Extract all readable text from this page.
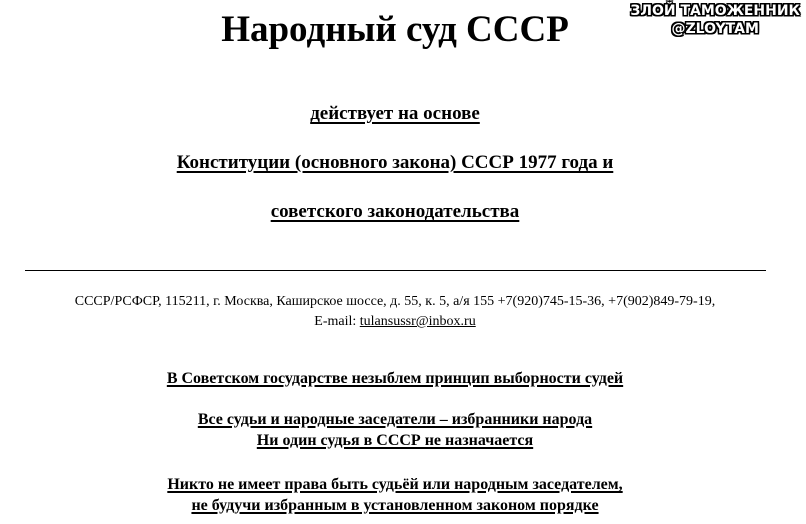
ЗЛОЙ ТАМОЖЕННИК
@ZLOYTAM
Народный суд СССР
действует на основе
Конституции (основного закона) СССР 1977 года и
советского законодательства
СССР/РСФСР, 115211, г. Москва, Каширское шоссе, д. 55, к. 5, а/я 155 +7(920)745-15-36, +7(902)849-79-19,
E-mail: tulansussr@inbox.ru
В Советском государстве незыблем принцип выборности судей
Все судьи и народные заседатели – избранники народа
Ни один судья в СССР не назначается
Никто не имеет права быть судьёй или народным заседателем,
не будучи избранным в установленном законом порядке
